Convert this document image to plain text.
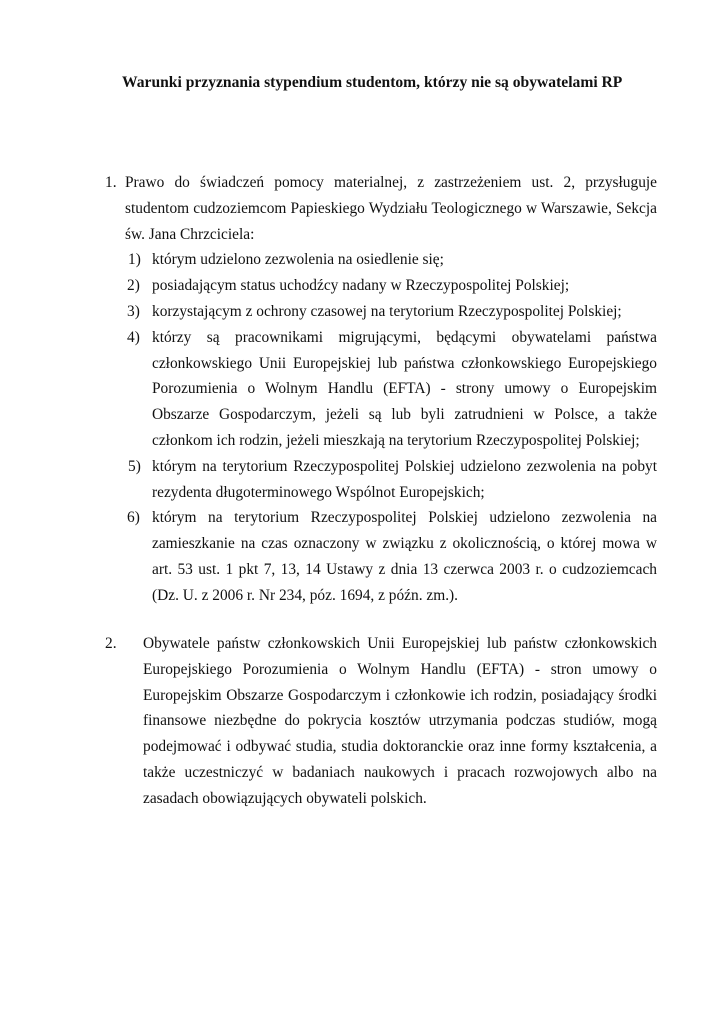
Warunki przyznania stypendium studentom, którzy nie są obywatelami RP
1. Prawo do świadczeń pomocy materialnej, z zastrzeżeniem ust. 2, przysługuje studentom cudzoziemcom Papieskiego Wydziału Teologicznego w Warszawie, Sekcja św. Jana Chrzciciela:
1) którym udzielono zezwolenia na osiedlenie się;
2) posiadającym status uchodźcy nadany w Rzeczypospolitej Polskiej;
3) korzystającym z ochrony czasowej na terytorium Rzeczypospolitej Polskiej;
4) którzy są pracownikami migrującymi, będącymi obywatelami państwa członkowskiego Unii Europejskiej lub państwa członkowskiego Europejskiego Porozumienia o Wolnym Handlu (EFTA) - strony umowy o Europejskim Obszarze Gospodarczym, jeżeli są lub byli zatrudnieni w Polsce, a także członkom ich rodzin, jeżeli mieszkają na terytorium Rzeczypospolitej Polskiej;
5) którym na terytorium Rzeczypospolitej Polskiej udzielono zezwolenia na pobyt rezydenta długoterminowego Wspólnot Europejskich;
6) którym na terytorium Rzeczypospolitej Polskiej udzielono zezwolenia na zamieszkanie na czas oznaczony w związku z okolicznością, o której mowa w art. 53 ust. 1 pkt 7, 13, 14 Ustawy z dnia 13 czerwca 2003 r. o cudzoziemcach (Dz. U. z 2006 r. Nr 234, póz. 1694, z późn. zm.).
2. Obywatele państw członkowskich Unii Europejskiej lub państw członkowskich Europejskiego Porozumienia o Wolnym Handlu (EFTA) - stron umowy o Europejskim Obszarze Gospodarczym i członkowie ich rodzin, posiadający środki finansowe niezbędne do pokrycia kosztów utrzymania podczas studiów, mogą podejmować i odbywać studia, studia doktoranckie oraz inne formy kształcenia, a także uczestniczyć w badaniach naukowych i pracach rozwojowych albo na zasadach obowiązujących obywateli polskich.
